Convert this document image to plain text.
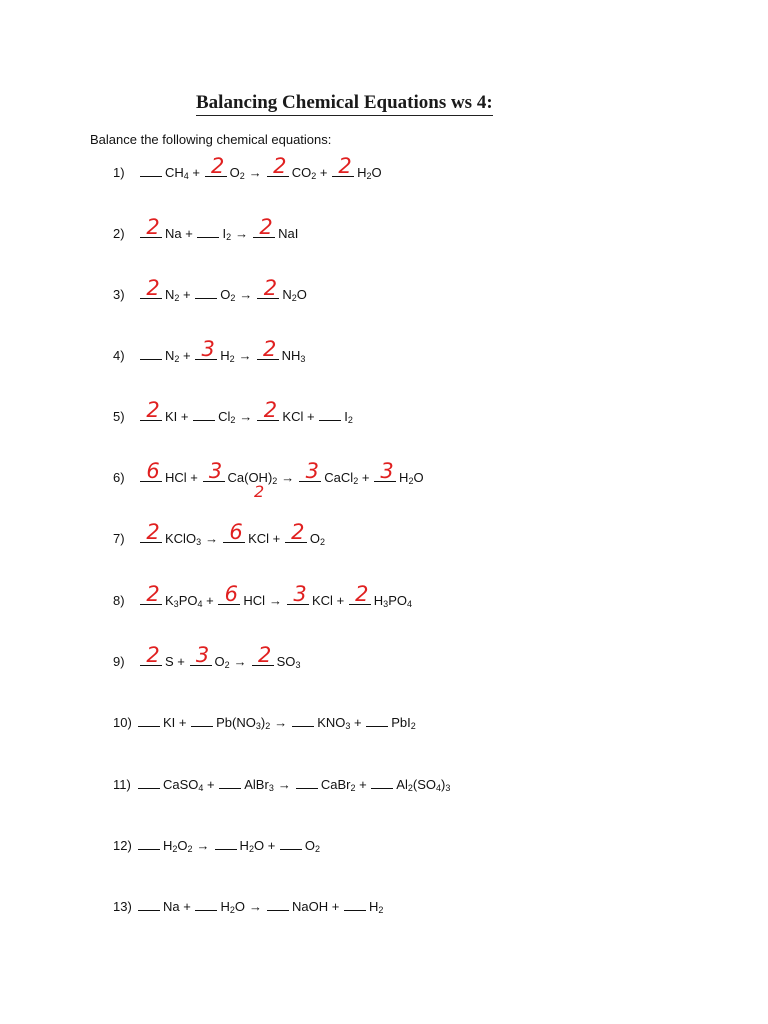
Balancing Chemical Equations ws 4:
Balance the following chemical equations:
1)	$CH_4 + 2$ $O_2 \to 2$ $CO_2 + 2$ $H_2O$
2)	2 $Na + I_2 \to 2$ NaI
3)	2 $N_2 + O_2 \to 2$ $N_2O$
4)	$N_2 + 3$ $H_2 \to 2$ $NH_3$
5)	2 KI + $Cl_2 \to 2$ KCl + $I_2$
6)	6 HCl + 3 $Ca(OH)_2 \to 3$ CaCl$_2$ + 3 $H_2O$
2
7)	2 KClO$_3$ → 6 KCl + 2 $O_2$
8)	2 $K_3PO_4 + 6$ HCl → 3 KCl + 2 $H_3PO_4$
9)	2 S + 3 $O_2 \to 2$ $SO_3$
10)	KI + $Pb(NO_3)_2 \to KNO_3 + PbI_2$
11)	CaSO$_4$ + AlBr$_3$ → CaBr$_2$ + $Al_2(SO_4)_3$
12)	$H_2O_2 \to H_2O + O_2$
13)	$Na + H_2O$ → NaOH + $H_2$
